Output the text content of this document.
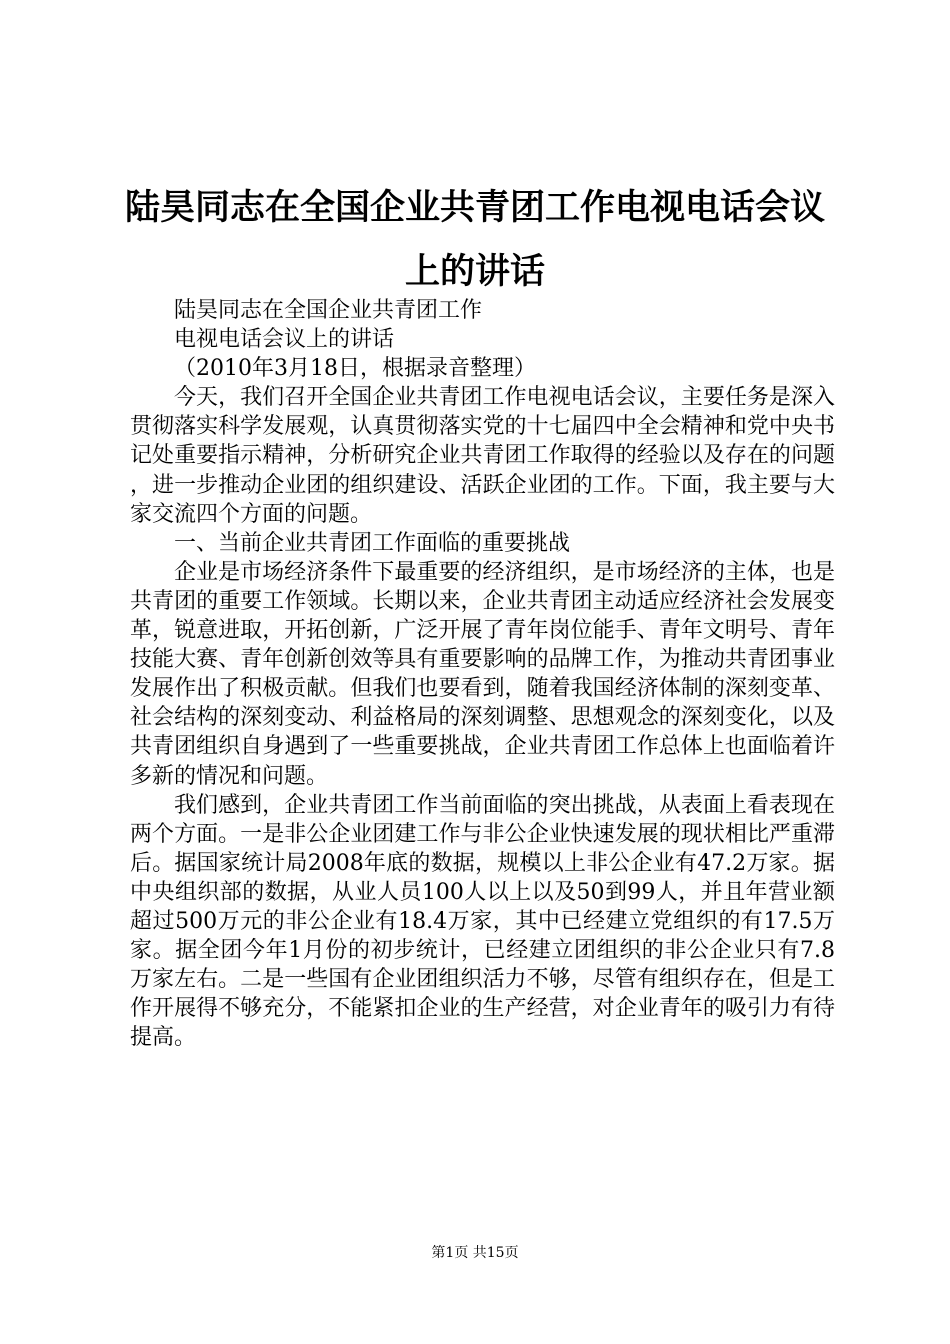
陆昊同志在全国企业共青团工作电视电话会议
上的讲话

陆昊同志在全国企业共青团工作

电视电话会议上的讲话

（2010年3月18日，根据录音整理）

今天，我们召开全国企业共青团工作电视电话会议，主要任务是深入贯彻落实科学发展观，认真贯彻落实党的十七届四中全会精神和党中央书记处重要指示精神，分析研究企业共青团工作取得的经验以及存在的问题，进一步推动企业团的组织建设、活跃企业团的工作。下面，我主要与大家交流四个方面的问题。

一、当前企业共青团工作面临的重要挑战

企业是市场经济条件下最重要的经济组织，是市场经济的主体，也是共青团的重要工作领域。长期以来，企业共青团主动适应经济社会发展变革，锐意进取，开拓创新，广泛开展了青年岗位能手、青年文明号、青年技能大赛、青年创新创效等具有重要影响的品牌工作，为推动共青团事业发展作出了积极贡献。但我们也要看到，随着我国经济体制的深刻变革、社会结构的深刻变动、利益格局的深刻调整、思想观念的深刻变化，以及共青团组织自身遇到了一些重要挑战，企业共青团工作总体上也面临着许多新的情况和问题。

我们感到，企业共青团工作当前面临的突出挑战，从表面上看表现在两个方面。一是非公企业团建工作与非公企业快速发展的现状相比严重滞后。据国家统计局2008年底的数据，规模以上非公企业有47.2万家。据中央组织部的数据，从业人员100人以上以及50到99人，并且年营业额超过500万元的非公企业有18.4万家，其中已经建立党组织的有17.5万家。据全团今年1月份的初步统计，已经建立团组织的非公企业只有7.8万家左右。二是一些国有企业团组织活力不够，尽管有组织存在，但是工作开展得不够充分，不能紧扣企业的生产经营，对企业青年的吸引力有待提高。

第1页 共15页
